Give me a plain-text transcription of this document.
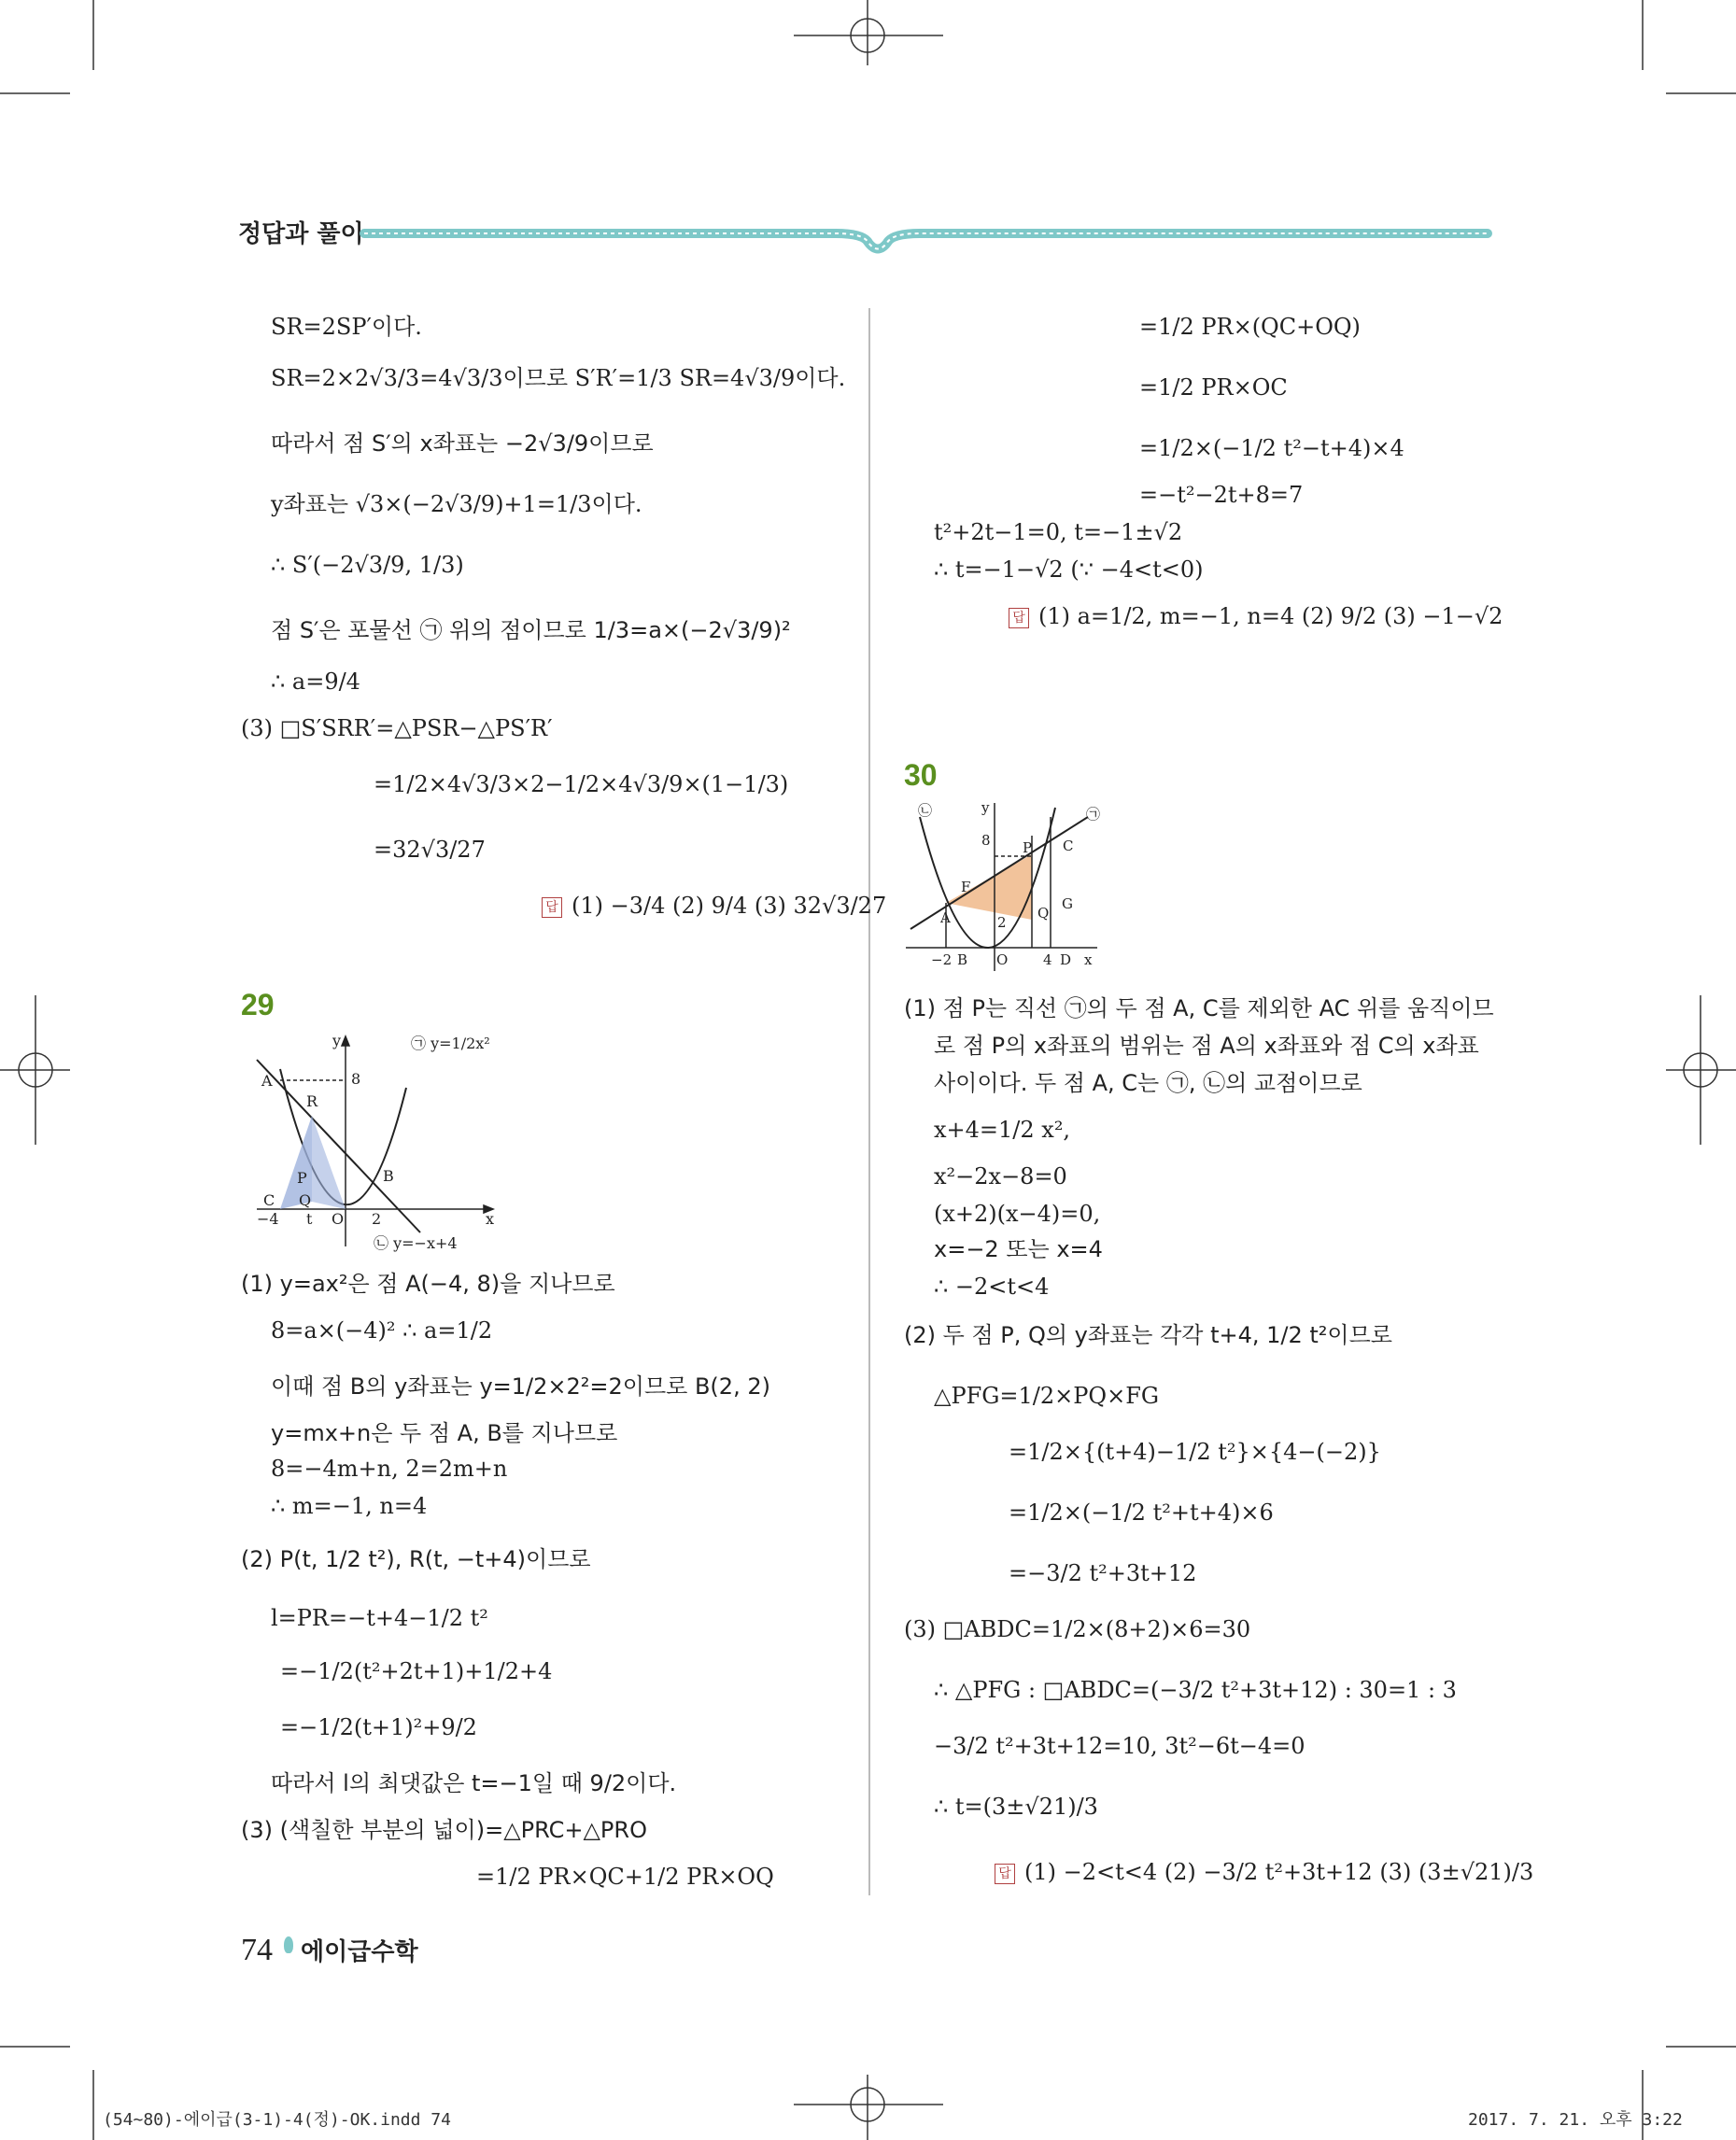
정답과 풀이
SR=2SP′이다.
SR=2×2√3/3=4√3/3이므로 S′R′=1/3 SR=4√3/9이다.
따라서 점 S′의 x좌표는 −2√3/9이므로
y좌표는 √3×(−2√3/9)+1=1/3이다.
∴ S′(−2√3/9, 1/3)
점 S′은 포물선 ㉠ 위의 점이므로 1/3=a×(−2√3/9)²
∴ a=9/4
(3) □S′SRR′=△PSR−△PS′R′
=1/2×4√3/3×2−1/2×4√3/9×(1−1/3)
=32√3/27
답 (1) −3/4 (2) 9/4 (3) 32√3/27
29
A
R
P
C Q
O
B
−4 t	2
8
y
x
㉠ y=1/2x²
㉡ y=−x+4
(1) y=ax²은 점 A(−4, 8)을 지나므로
8=a×(−4)² ∴ a=1/2
이때 점 B의 y좌표는 y=1/2×2²=2이므로 B(2, 2)
y=mx+n은 두 점 A, B를 지나므로
8=−4m+n, 2=2m+n
∴ m=−1, n=4
(2) P(t, 1/2 t²), R(t, −t+4)이므로
l=PR=−t+4−1/2 t²
=−1/2(t²+2t+1)+1/2+4
=−1/2(t+1)²+9/2
따라서 l의 최댓값은 t=−1일 때 9/2이다.
(3) (색칠한 부분의 넓이)=△PRC+△PRO
=1/2 PR×QC+1/2 PR×OQ
=1/2 PR×(QC+OQ)
=1/2 PR×OC
=1/2×(−1/2 t²−t+4)×4
=−t²−2t+8=7
t²+2t−1=0, t=−1±√2
∴ t=−1−√2 (∵ −4<t<0)
답 (1) a=1/2, m=−1, n=4 (2) 9/2 (3) −1−√2
30
㉡	㉠
y
8	C
P
F
A	2
Q
G
−2 B O	4 D x
(1) 점 P는 직선 ㉠의 두 점 A, C를 제외한 AC 위를 움직이므
로 점 P의 x좌표의 범위는 점 A의 x좌표와 점 C의 x좌표
사이이다. 두 점 A, C는 ㉠, ㉡의 교점이므로
x+4=1/2 x²,
x²−2x−8=0
(x+2)(x−4)=0,
x=−2 또는 x=4
∴ −2<t<4
(2) 두 점 P, Q의 y좌표는 각각 t+4, 1/2 t²이므로
△PFG=1/2×PQ×FG
=1/2×{(t+4)−1/2 t²}×{4−(−2)}
=1/2×(−1/2 t²+t+4)×6
=−3/2 t²+3t+12
(3) □ABDC=1/2×(8+2)×6=30
∴ △PFG : □ABDC=(−3/2 t²+3t+12) : 30=1 : 3
−3/2 t²+3t+12=10, 3t²−6t−4=0
∴ t=(3±√21)/3
답 (1) −2<t<4 (2) −3/2 t²+3t+12 (3) (3±√21)/3
74 에이급수학
(54~80)-에이급(3-1)-4(정)-OK.indd 74	2017. 7. 21. 오후 3:22
